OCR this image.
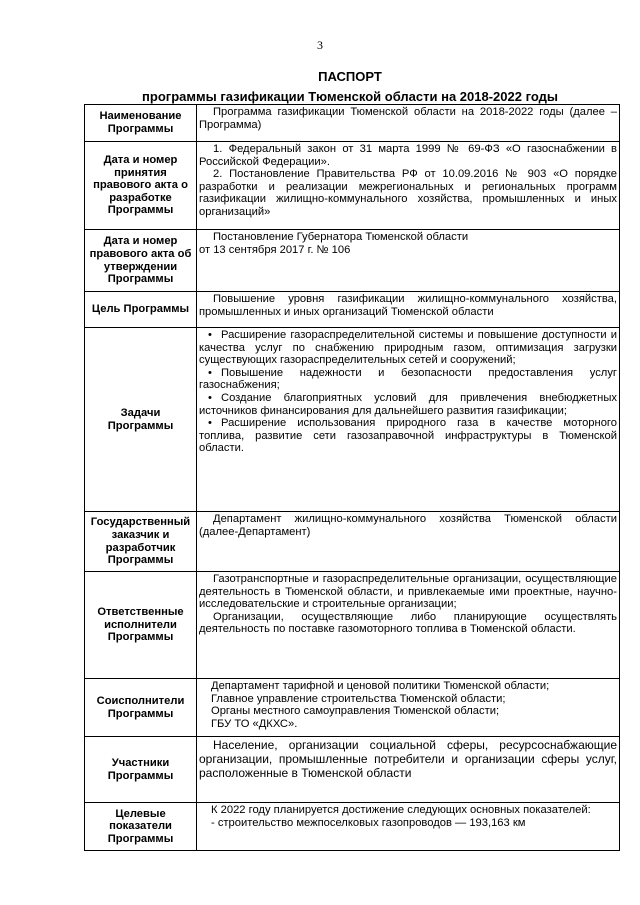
3
ПАСПОРТ
программы газификации Тюменской области на 2018-2022 годы
Наименование Программы	Программа газификации Тюменской области на 2018-2022 годы (далее – Программа)

Дата и номер принятия правового акта о разработке Программы	1. Федеральный закон от 31 марта 1999 № 69-ФЗ «О газоснабжении в Российской Федерации».

2. Постановление Правительства РФ от 10.09.2016 № 903 «О порядке разработки и реализации межрегиональных и региональных программ газификации жилищно-коммунального хозяйства, промышленных и иных организаций»

Дата и номер правового акта об утверждении Программы	Постановление Губернатора Тюменской области

от 13 сентября 2017 г. № 106

Цель Программы	Повышение уровня газификации жилищно-коммунального хозяйства, промышленных и иных организаций Тюменской области

Задачи Программы	• Расширение газораспределительной системы и повышение доступности и качества услуг по снабжению природным газом, оптимизация загрузки существующих газораспределительных сетей и сооружений;

• Повышение надежности и безопасности предоставления услуг газоснабжения;

• Создание благоприятных условий для привлечения внебюджетных источников финансирования для дальнейшего развития газификации;

• Расширение использования природного газа в качестве моторного топлива, развитие сети газозаправочной инфраструктуры в Тюменской области.

Государственный заказчик и разработчик Программы	Департамент жилищно-коммунального хозяйства Тюменской области (далее-Департамент)

Ответственные исполнители Программы	Газотранспортные и газораспределительные организации, осуществляющие деятельность в Тюменской области, и привлекаемые ими проектные, научно-исследовательские и строительные организации;

Организации, осуществляющие либо планирующие осуществлять деятельность по поставке газомоторного топлива в Тюменской области.

Соисполнители Программы	Департамент тарифной и ценовой политики Тюменской области;

Главное управление строительства Тюменской области;

Органы местного самоуправления Тюменской области;

ГБУ ТО «ДКХС».

Участники Программы	Население, организации социальной сферы, ресурсоснабжающие организации, промышленные потребители и организации сферы услуг, расположенные в Тюменской области

Целевые показатели Программы	К 2022 году планируется достижение следующих основных показателей:

- строительство межпоселковых газопроводов — 193,163 км
